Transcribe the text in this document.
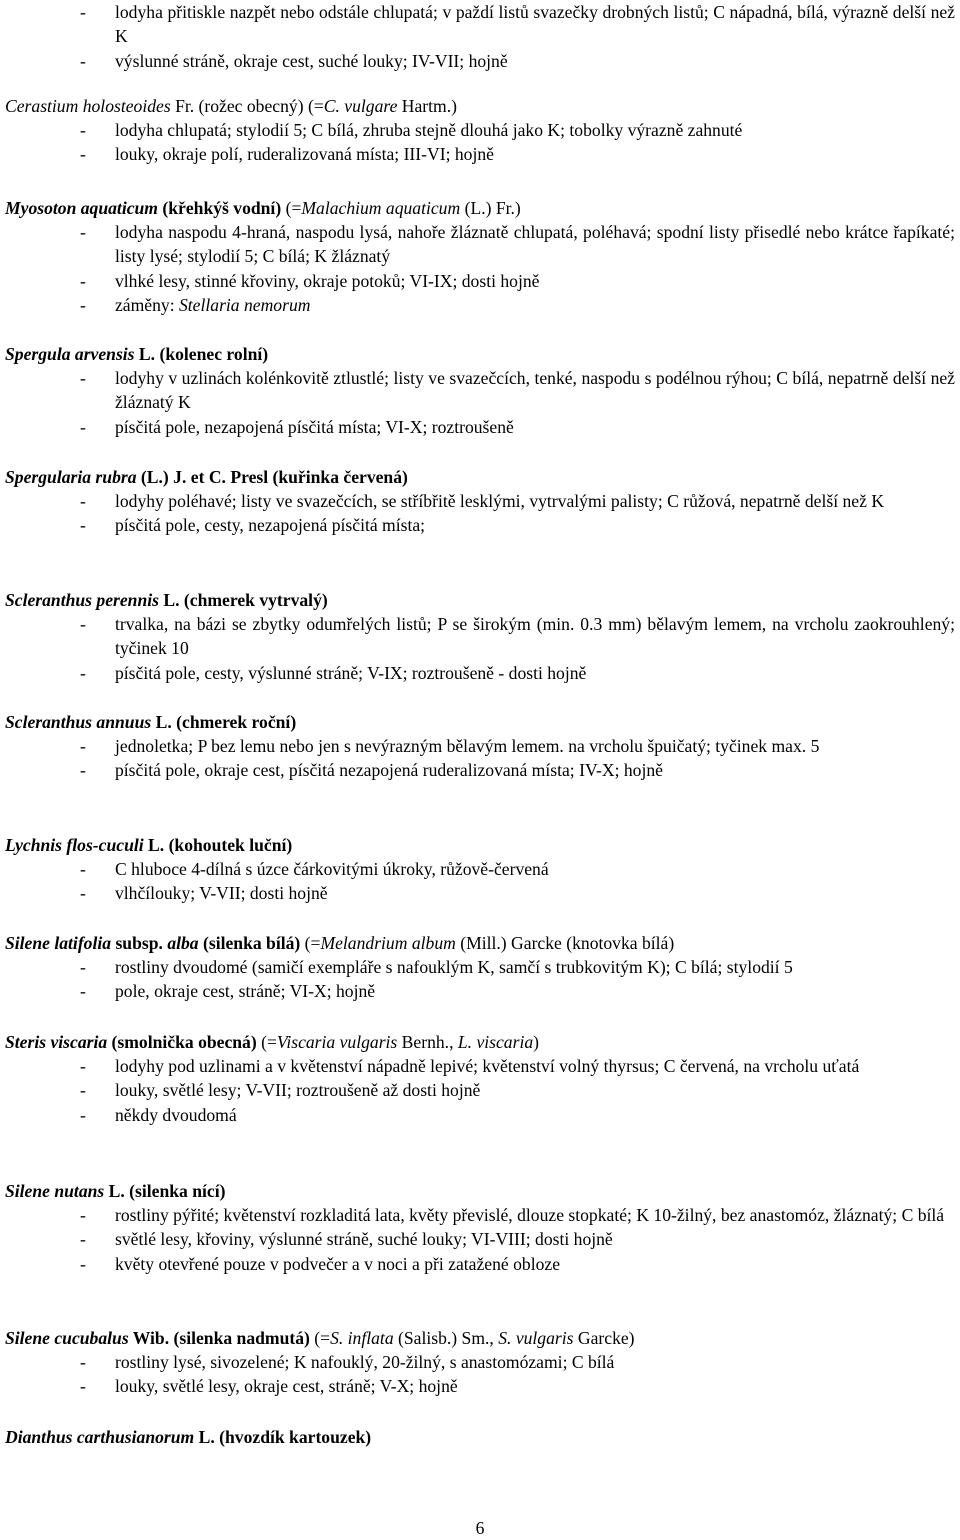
- lodyha přitiskle nazpět nebo odstále chlupatá; v paždí listů svazečky drobných listů; C nápadná, bílá, výrazně delší než K
- výslunné stráně, okraje cest, suché louky; IV-VII; hojně
Cerastium holosteoides Fr. (rožec obecný) (=C. vulgare Hartm.)
- lodyha chlupatá; stylodií 5; C bílá, zhruba stejně dlouhá jako K; tobolky výrazně zahnuté
- louky, okraje polí, ruderalizovaná místa; III-VI; hojně
Myosoton aquaticum (křehkýš vodní) (=Malachium aquaticum (L.) Fr.)
- lodyha naspodu 4-hraná, naspodu lysá, nahoře žláznatě chlupatá, poléhavá; spodní listy přisedlé nebo krátce řapíkaté; listy lysé; stylodií 5; C bílá; K žláznatý
- vlhké lesy, stinné křoviny, okraje potoků; VI-IX; dosti hojně
- záměny: Stellaria nemorum
Spergula arvensis L. (kolenec rolní)
- lodyhy v uzlinách kolénkovitě ztlustlé; listy ve svazečcích, tenké, naspodu s podélnou rýhou; C bílá, nepatrně delší než žláznatý K
- písčitá pole, nezapojená písčitá místa; VI-X; roztroušeně
Spergularia rubra (L.) J. et C. Presl (kuřinka červená)
- lodyhy poléhavé; listy ve svazečcích, se stříbřitě lesklými, vytrvalými palisty; C růžová, nepatrně delší než K
- písčitá pole, cesty, nezapojená písčitá místa;
Scleranthus perennis L. (chmerek vytrvalý)
- trvalka, na bázi se zbytky odumřelých listů; P se širokým (min. 0.3 mm) bělavým lemem, na vrcholu zaokrouhlený; tyčinek 10
- písčitá pole, cesty, výslunné stráně; V-IX; roztroušeně - dosti hojně
Scleranthus annuus L. (chmerek roční)
- jednoletka; P bez lemu nebo jen s nevýrazným bělavým lemem. na vrcholu špuičatý; tyčinek max. 5
- písčitá pole, okraje cest, písčitá nezapojená ruderalizovaná místa; IV-X; hojně
Lychnis flos-cuculi L. (kohoutek luční)
- C hluboce 4-dílná s úzce čárkovitými úkroky, růžově-červená
- vlhčílouky; V-VII; dosti hojně
Silene latifolia subsp. alba (silenka bílá) (=Melandrium album (Mill.) Garcke (knotovka bílá)
- rostliny dvoudomé (samičí exempláře s nafouklým K, samčí s trubkovitým K); C bílá; stylodií 5
- pole, okraje cest, stráně; VI-X; hojně
Steris viscaria (smolnička obecná) (=Viscaria vulgaris Bernh., L. viscaria)
- lodyhy pod uzlinami a v květenství nápadně lepivé; květenství volný thyrsus; C červená, na vrcholu uťatá
- louky, světlé lesy; V-VII; roztroušeně až dosti hojně
- někdy dvoudomá
Silene nutans L. (silenka nící)
- rostliny pýřité; květenství rozkladitá lata, květy převislé, dlouze stopkaté; K 10-žilný, bez anastomóz, žláznatý; C bílá
- světlé lesy, křoviny, výslunné stráně, suché louky; VI-VIII; dosti hojně
- květy otevřené pouze v podvečer a v noci a při zatažené obloze
Silene cucubalus Wib. (silenka nadmutá) (=S. inflata (Salisb.) Sm., S. vulgaris Garcke)
- rostliny lysé, sivozelené; K nafouklý, 20-žilný, s anastomózami; C bílá
- louky, světlé lesy, okraje cest, stráně; V-X; hojně
Dianthus carthusianorum L. (hvozdík kartouzek)
6
